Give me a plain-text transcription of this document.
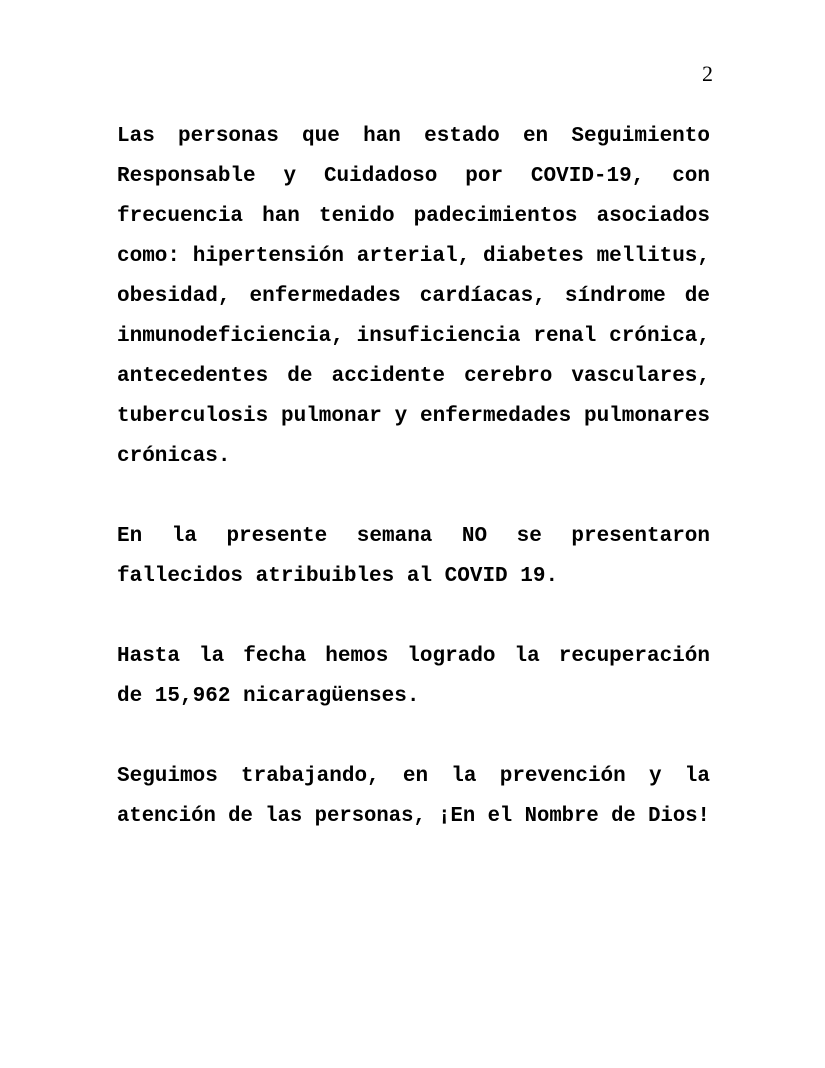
2
Las personas que han estado en Seguimiento
Responsable y Cuidadoso por COVID-19, con
frecuencia han tenido padecimientos asociados
como: hipertensión arterial, diabetes mellitus,
obesidad, enfermedades cardíacas, síndrome de
inmunodeficiencia, insuficiencia renal crónica,
antecedentes de accidente cerebro vasculares,
tuberculosis pulmonar y enfermedades pulmonares
crónicas.
En la presente semana NO se presentaron
fallecidos atribuibles al COVID 19.
Hasta la fecha hemos logrado la recuperación
de 15,962 nicaragüenses.
Seguimos trabajando, en la prevención y la
atención de las personas, ¡En el Nombre de Dios!
